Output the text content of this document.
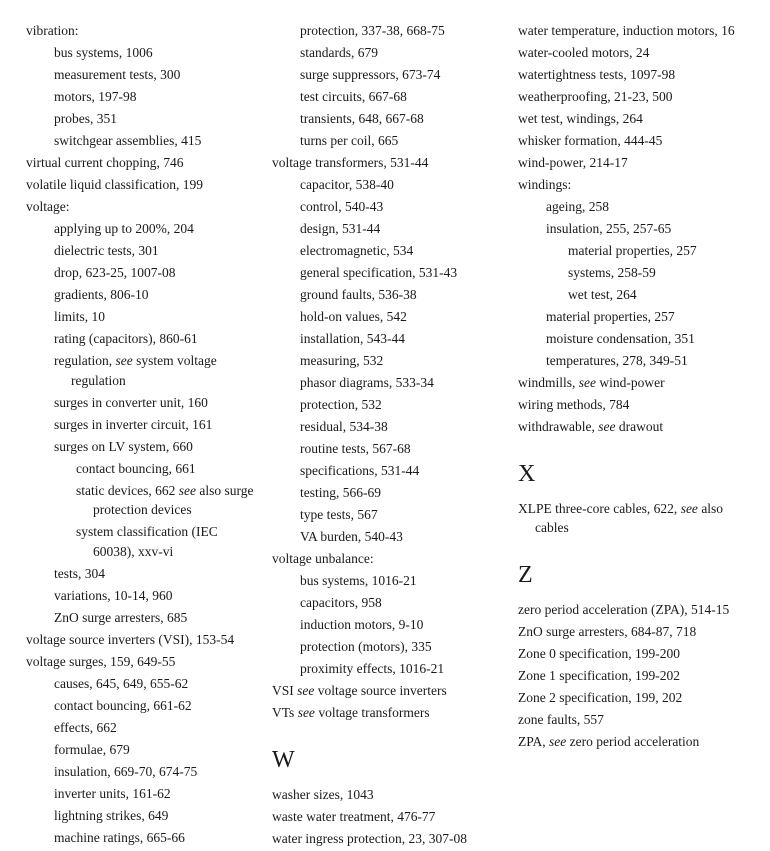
vibration:
bus systems, 1006
measurement tests, 300
motors, 197-98
probes, 351
switchgear assemblies, 415
virtual current chopping, 746
volatile liquid classification, 199
voltage:
applying up to 200%, 204
dielectric tests, 301
drop, 623-25, 1007-08
gradients, 806-10
limits, 10
rating (capacitors), 860-61
regulation, see system voltage regulation
surges in converter unit, 160
surges in inverter circuit, 161
surges on LV system, 660
contact bouncing, 661
static devices, 662 see also surge protection devices
system classification (IEC 60038), xxv-vi
tests, 304
variations, 10-14, 960
ZnO surge arresters, 685
voltage source inverters (VSI), 153-54
voltage surges, 159, 649-55
causes, 645, 649, 655-62
contact bouncing, 661-62
effects, 662
formulae, 679
insulation, 669-70, 674-75
inverter units, 161-62
lightning strikes, 649
machine ratings, 665-66
protection, 337-38, 668-75
standards, 679
surge suppressors, 673-74
test circuits, 667-68
transients, 648, 667-68
turns per coil, 665
voltage transformers, 531-44
capacitor, 538-40
control, 540-43
design, 531-44
electromagnetic, 534
general specification, 531-43
ground faults, 536-38
hold-on values, 542
installation, 543-44
measuring, 532
phasor diagrams, 533-34
protection, 532
residual, 534-38
routine tests, 567-68
specifications, 531-44
testing, 566-69
type tests, 567
VA burden, 540-43
voltage unbalance:
bus systems, 1016-21
capacitors, 958
induction motors, 9-10
protection (motors), 335
proximity effects, 1016-21
VSI see voltage source inverters
VTs see voltage transformers
W
washer sizes, 1043
waste water treatment, 476-77
water ingress protection, 23, 307-08
water temperature, induction motors, 16
water-cooled motors, 24
watertightness tests, 1097-98
weatherproofing, 21-23, 500
wet test, windings, 264
whisker formation, 444-45
wind-power, 214-17
windings:
ageing, 258
insulation, 255, 257-65
material properties, 257
systems, 258-59
wet test, 264
material properties, 257
moisture condensation, 351
temperatures, 278, 349-51
windmills, see wind-power
wiring methods, 784
withdrawable, see drawout
X
XLPE three-core cables, 622, see also cables
Z
zero period acceleration (ZPA), 514-15
ZnO surge arresters, 684-87, 718
Zone 0 specification, 199-200
Zone 1 specification, 199-202
Zone 2 specification, 199, 202
zone faults, 557
ZPA, see zero period acceleration
